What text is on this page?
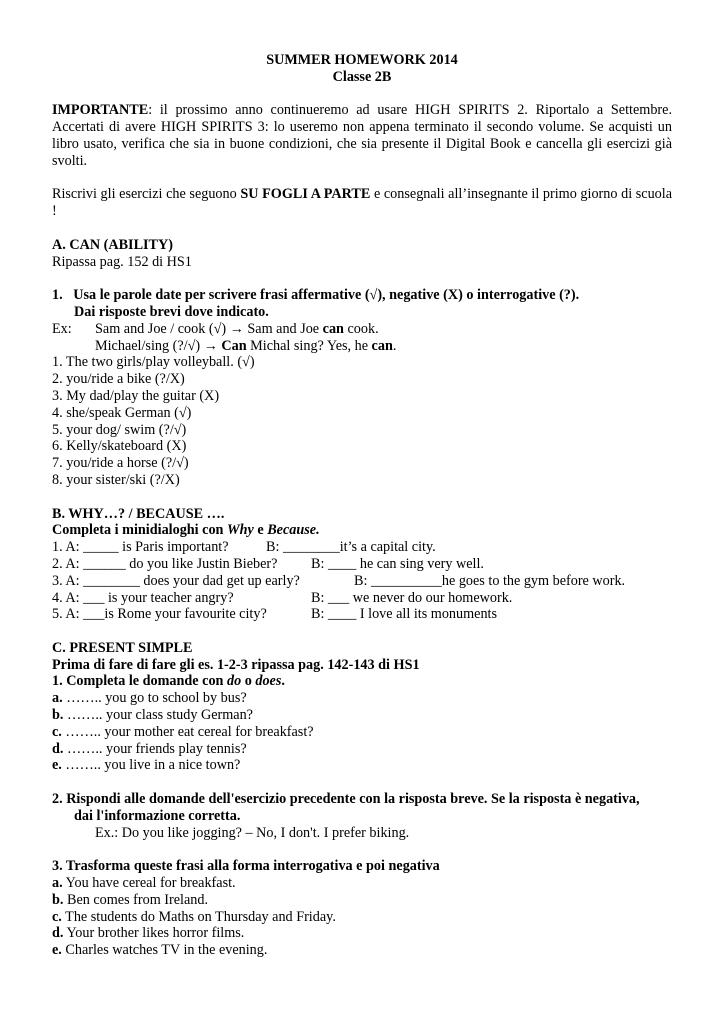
SUMMER HOMEWORK 2014
Classe 2B
IMPORTANTE: il prossimo anno continueremo ad usare HIGH SPIRITS 2. Riportalo a Settembre. Accertati di avere HIGH SPIRITS 3: lo useremo non appena terminato il secondo volume. Se acquisti un libro usato, verifica che sia in buone condizioni, che sia presente il Digital Book e cancella gli esercizi già svolti.
Riscrivi gli esercizi che seguono SU FOGLI A PARTE e consegnali all’insegnante il primo giorno di scuola !
A. CAN (ABILITY)
Ripassa pag. 152 di HS1
1.   Usa le parole date per scrivere frasi affermative (√), negative (X) o interrogative (?).
Dai risposte brevi dove indicato.
Ex:	Sam and Joe / cook (√) → Sam and Joe can cook.
Michael/sing (?/√) → Can Michal sing? Yes, he can.
1. The two girls/play volleyball. (√)
2. you/ride a bike (?/X)
3. My dad/play the guitar (X)
4. she/speak German (√)
5. your dog/ swim (?/√)
6. Kelly/skateboard (X)
7. you/ride a horse (?/√)
8. your sister/ski (?/X)
B. WHY…? / BECAUSE ….
Completa i minidialoghi con Why e Because.
1. A: _____ is Paris important?	B: ________it’s a capital city.
2. A: ______ do you like Justin Bieber?	B: ____ he can sing very well.
3. A: ________ does your dad get up early?	B: __________he goes to the gym before work.
4. A: ___ is your teacher angry?	B: ___ we never do our homework.
5. A: ___is Rome your favourite city?	B: ____ I love all its monuments
C. PRESENT SIMPLE
Prima di fare di fare gli es. 1-2-3 ripassa pag. 142-143 di HS1
1. Completa le domande con do o does.
a. …….. you go to school by bus?
b. …….. your class study German?
c. …….. your mother eat cereal for breakfast?
d. …….. your friends play tennis?
e. …….. you live in a nice town?
2. Rispondi alle domande dell'esercizio precedente con la risposta breve. Se la risposta è negativa,
dai l'informazione corretta.
Ex.: Do you like jogging? – No, I don't. I prefer biking.
3. Trasforma queste frasi alla forma interrogativa e poi negativa
a. You have cereal for breakfast.
b. Ben comes from Ireland.
c. The students do Maths on Thursday and Friday.
d. Your brother likes horror films.
e. Charles watches TV in the evening.
